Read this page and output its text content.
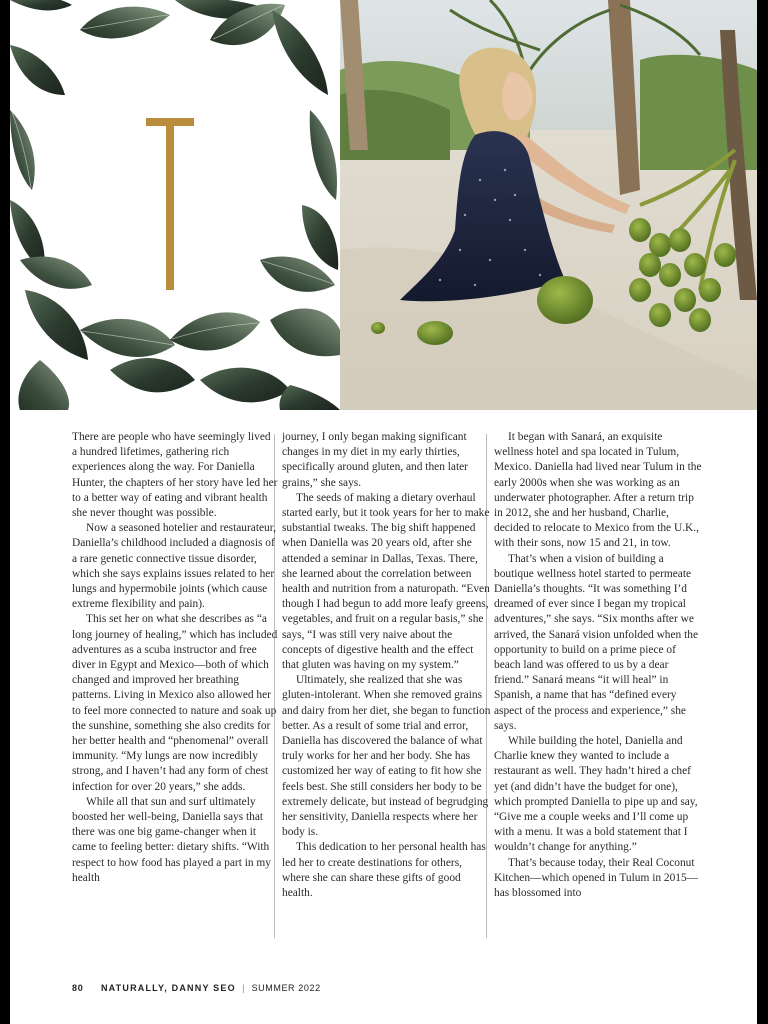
There are people who have seemingly lived a hundred lifetimes, gathering rich experiences along the way. For Daniella Hunter, the chapters of her story have led her to a better way of eating and vibrant health she never thought was possible.

Now a seasoned hotelier and restaurateur, Daniella’s childhood included a diagnosis of a rare genetic connective tissue disorder, which she says explains issues related to her lungs and hypermobile joints (which cause extreme flexibility and pain).

This set her on what she describes as “a long journey of healing,” which has included adventures as a scuba instructor and free diver in Egypt and Mexico—both of which changed and improved her breathing patterns. Living in Mexico also allowed her to feel more connected to nature and soak up the sunshine, something she also credits for her better health and “phenomenal” overall immunity. “My lungs are now incredibly strong, and I haven’t had any form of chest infection for over 20 years,” she adds.

While all that sun and surf ultimately boosted her well-being, Daniella says that there was one big game-changer when it came to feeling better: dietary shifts. “With respect to how food has played a part in my health

journey, I only began making significant changes in my diet in my early thirties, specifically around gluten, and then later grains,” she says.

The seeds of making a dietary overhaul started early, but it took years for her to make substantial tweaks. The big shift happened when Daniella was 20 years old, after she attended a seminar in Dallas, Texas. There, she learned about the correlation between health and nutrition from a naturopath. “Even though I had begun to add more leafy greens, vegetables, and fruit on a regular basis,” she says, “I was still very naive about the concepts of digestive health and the effect that gluten was having on my system.”

Ultimately, she realized that she was gluten-intolerant. When she removed grains and dairy from her diet, she began to function better. As a result of some trial and error, Daniella has discovered the balance of what truly works for her and her body. She has customized her way of eating to fit how she feels best. She still considers her body to be extremely delicate, but instead of begrudging her sensitivity, Daniella respects where her body is.

This dedication to her personal health has led her to create destinations for others, where she can share these gifts of good health.

It began with Sanará, an exquisite wellness hotel and spa located in Tulum, Mexico. Daniella had lived near Tulum in the early 2000s when she was working as an underwater photographer. After a return trip in 2012, she and her husband, Charlie, decided to relocate to Mexico from the U.K., with their sons, now 15 and 21, in tow.

That’s when a vision of building a boutique wellness hotel started to permeate Daniella’s thoughts. “It was something I’d dreamed of ever since I began my tropical adventures,” she says. “Six months after we arrived, the Sanará vision unfolded when the opportunity to build on a prime piece of beach land was offered to us by a dear friend.” Sanará means “it will heal” in Spanish, a name that has “defined every aspect of the process and experience,” she says.

While building the hotel, Daniella and Charlie knew they wanted to include a restaurant as well. They hadn’t hired a chef yet (and didn’t have the budget for one), which prompted Daniella to pipe up and say, “Give me a couple weeks and I’ll come up with a menu. It was a bold statement that I wouldn’t change for anything.”

That’s because today, their Real Coconut Kitchen—which opened in Tulum in 2015—has blossomed into

80 NATURALLY, DANNY SEO | SUMMER 2022
